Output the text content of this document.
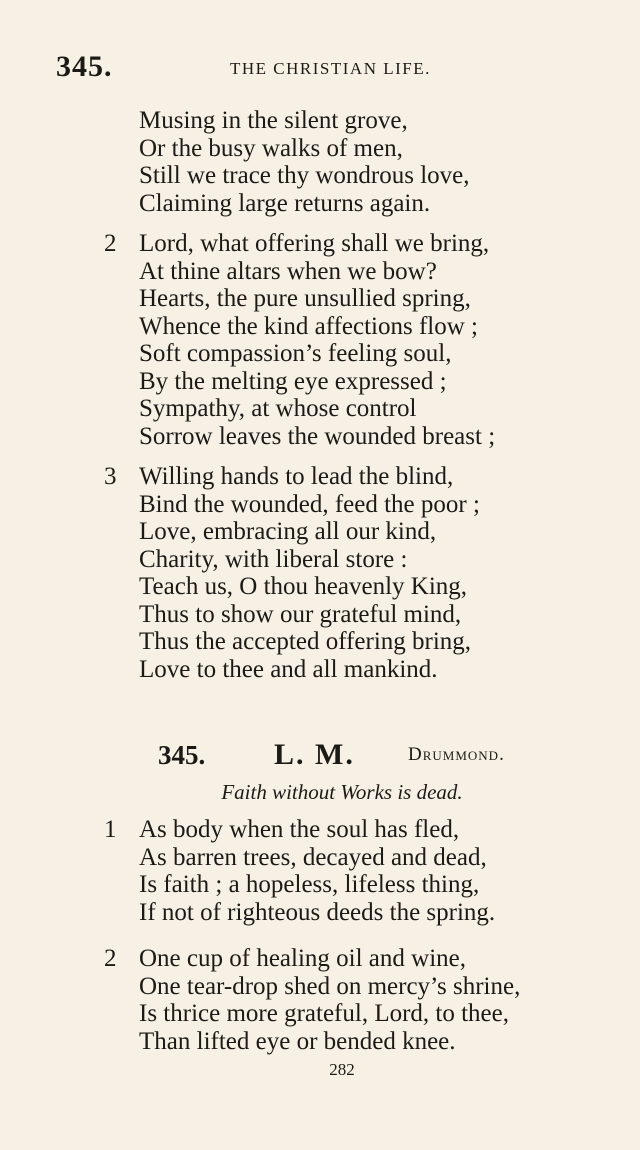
345.	THE CHRISTIAN LIFE.
Musing in the silent grove,
Or the busy walks of men,
Still we trace thy wondrous love,
Claiming large returns again.
2 Lord, what offering shall we bring,
At thine altars when we bow?
Hearts, the pure unsullied spring,
Whence the kind affections flow ;
Soft compassion’s feeling soul,
By the melting eye expressed ;
Sympathy, at whose control
Sorrow leaves the wounded breast ;
3 Willing hands to lead the blind,
Bind the wounded, feed the poor ;
Love, embracing all our kind,
Charity, with liberal store :
Teach us, O thou heavenly King,
Thus to show our grateful mind,
Thus the accepted offering bring,
Love to thee and all mankind.
345. L. M.	Drummond.
Faith without Works is dead.
1 As body when the soul has fled,
As barren trees, decayed and dead,
Is faith ; a hopeless, lifeless thing,
If not of righteous deeds the spring.
2 One cup of healing oil and wine,
One tear-drop shed on mercy’s shrine,
Is thrice more grateful, Lord, to thee,
Than lifted eye or bended knee.
282
